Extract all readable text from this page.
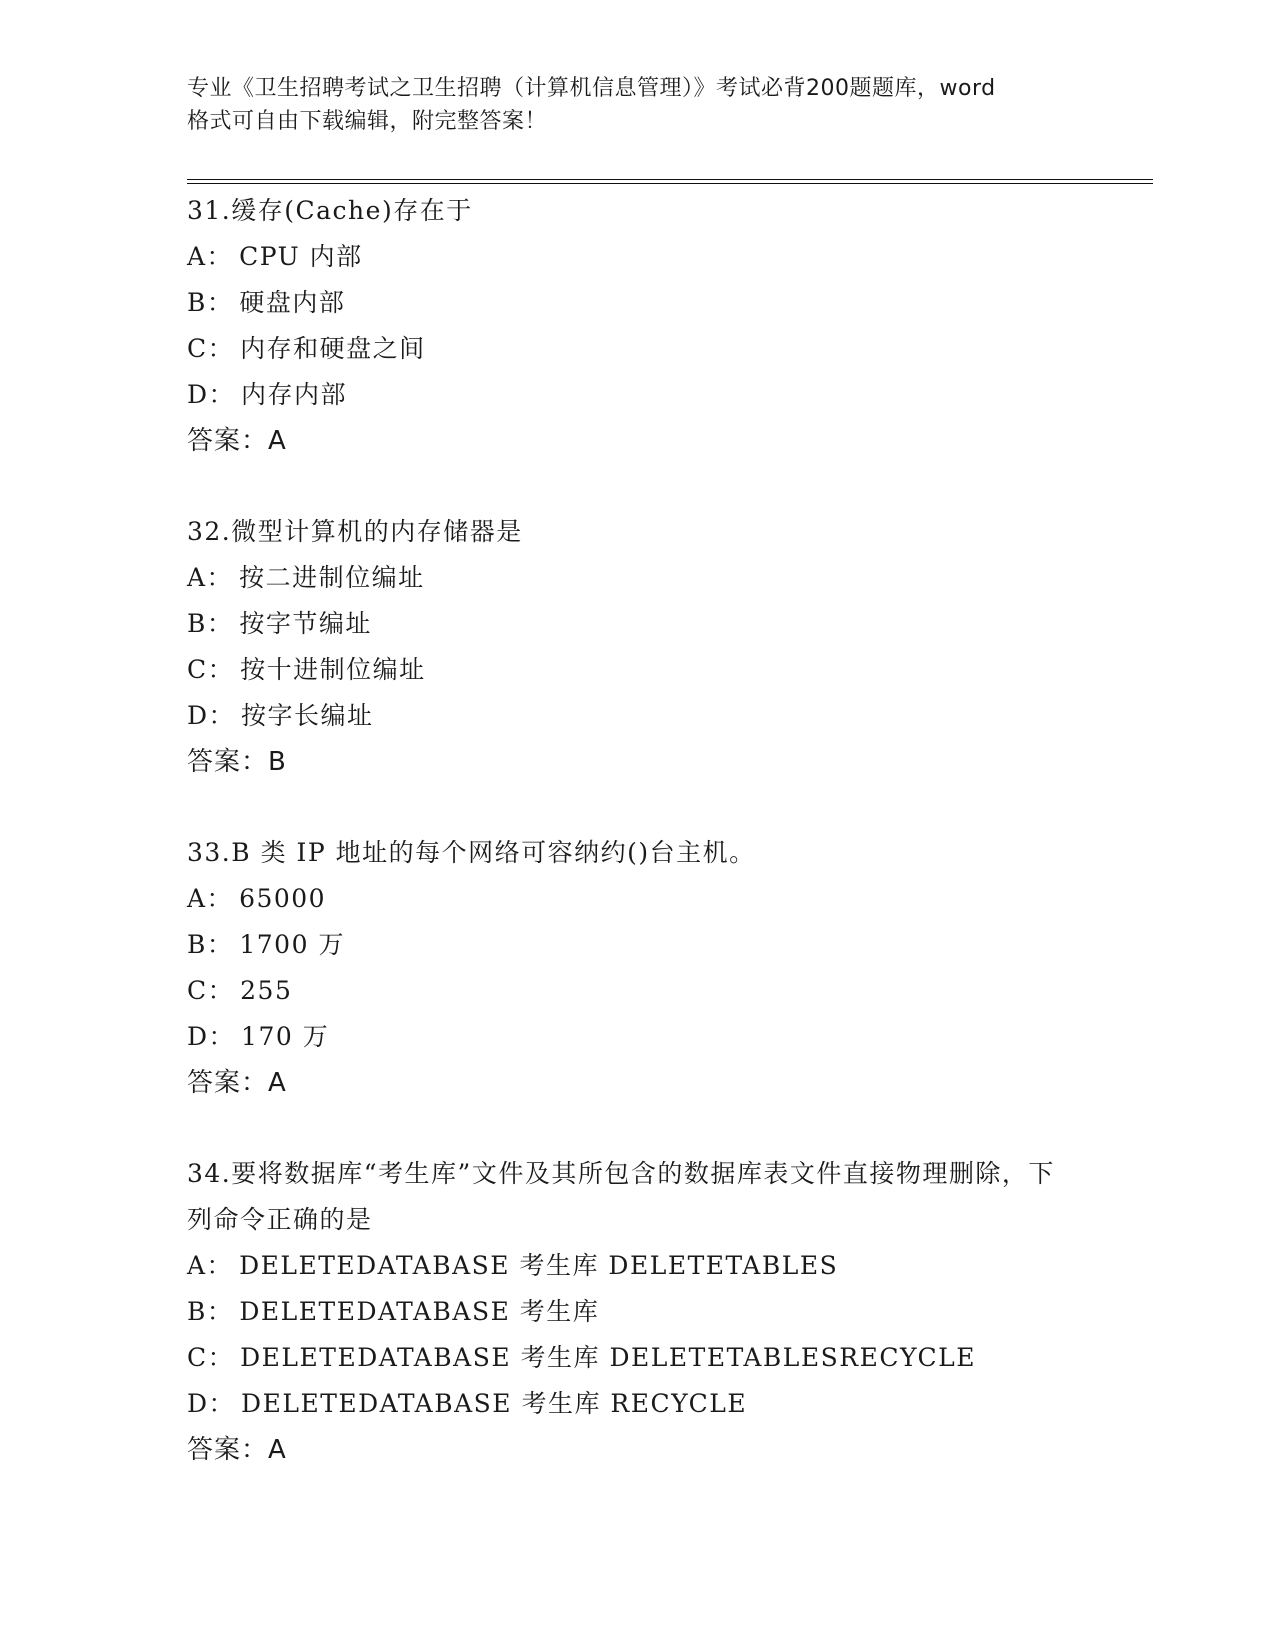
专业《卫生招聘考试之卫生招聘（计算机信息管理）》考试必背200题题库，word
格式可自由下载编辑，附完整答案！
31.缓存(Cache)存在于
A： CPU 内部
B： 硬盘内部
C： 内存和硬盘之间
D： 内存内部
答案：A
32.微型计算机的内存储器是
A： 按二进制位编址
B： 按字节编址
C： 按十进制位编址
D： 按字长编址
答案：B
33.B 类 IP 地址的每个网络可容纳约()台主机。
A： 65000
B： 1700 万
C： 255
D： 170 万
答案：A
34.要将数据库“考生库”文件及其所包含的数据库表文件直接物理删除，下列命令正确的是
A： DELETEDATABASE 考生库 DELETETABLES
B： DELETEDATABASE 考生库
C： DELETEDATABASE 考生库 DELETETABLESRECYCLE
D： DELETEDATABASE 考生库 RECYCLE
答案：A
